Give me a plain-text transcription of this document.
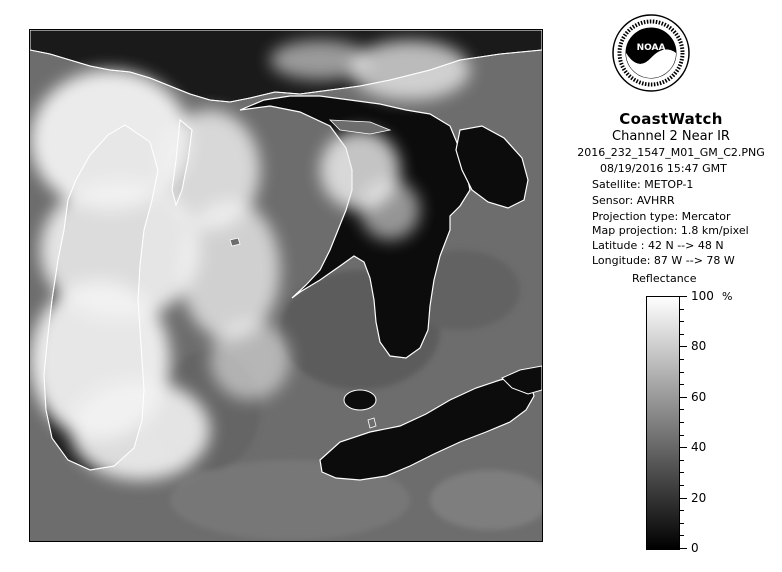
NOAA
CoastWatch
Channel 2 Near IR
2016_232_1547_M01_GM_C2.PNG
08/19/2016 15:47 GMT
Satellite: METOP-1
Sensor: AVHRR
Projection type: Mercator
Map projection: 1.8 km/pixel
Latitude : 42 N --> 48 N
Longitude: 87 W --> 78 W
Reflectance
%
100
80
60
40
20
0
